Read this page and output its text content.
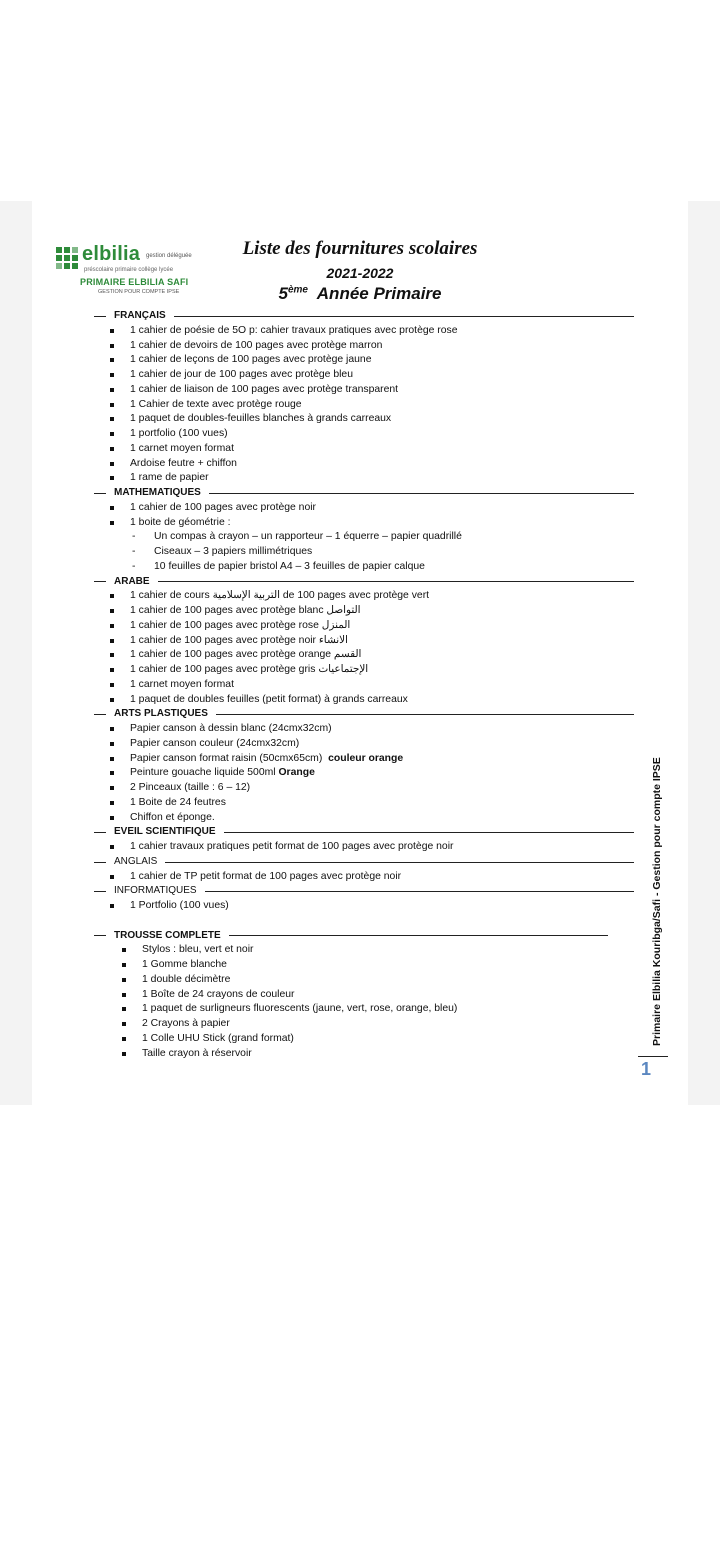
elbilia gestion déléguée
préscolaire primaire collège lycée
PRIMAIRE ELBILIA SAFI
GESTION POUR COMPTE IPSE
Liste des fournitures scolaires
2021-2022
5ème Année Primaire
FRANÇAIS
1 cahier de poésie de 5O p: cahier travaux pratiques avec protège rose
1 cahier de devoirs de 100 pages avec protège marron
1 cahier de leçons de 100 pages avec protège jaune
1 cahier de jour de 100 pages avec protège bleu
1 cahier de liaison de 100 pages avec protège transparent
1 Cahier de texte avec protège rouge
1 paquet de doubles-feuilles blanches à grands carreaux
1 portfolio (100 vues)
1 carnet moyen format
Ardoise feutre + chiffon
1 rame de papier
MATHEMATIQUES
1 cahier de 100 pages avec protège noir
1 boite de géométrie :
- Un compas à crayon – un rapporteur – 1 équerre – papier quadrillé
- Ciseaux – 3 papiers millimétriques
- 10 feuilles de papier bristol A4 – 3 feuilles de papier calque
ARABE
1 cahier de cours التربية الإسلامية de 100 pages avec protège vert
1 cahier de 100 pages avec protège blanc التواصل
1 cahier de 100 pages avec protège rose المنزل
1 cahier de 100 pages avec protège noir الانشاء
1 cahier de 100 pages avec protège orange القسم
1 cahier de 100 pages avec protège gris الإجتماعيات
1 carnet moyen format
1 paquet de doubles feuilles (petit format) à grands carreaux
ARTS PLASTIQUES
Papier canson à dessin blanc (24cmx32cm)
Papier canson couleur (24cmx32cm)
Papier canson format raisin (50cmx65cm) couleur orange
Peinture gouache liquide 500ml Orange
2 Pinceaux (taille : 6 – 12)
1 Boite de 24 feutres
Chiffon et éponge.
EVEIL SCIENTIFIQUE
1 cahier travaux pratiques petit format de 100 pages avec protège noir
ANGLAIS
1 cahier de TP petit format de 100 pages avec protège noir
INFORMATIQUES
1 Portfolio (100 vues)
TROUSSE COMPLETE
Stylos : bleu, vert et noir
1 Gomme blanche
1 double décimètre
1 Boîte de 24 crayons de couleur
1 paquet de surligneurs fluorescents (jaune, vert, rose, orange, bleu)
2 Crayons à papier
1 Colle UHU Stick (grand format)
Taille crayon à réservoir
Primaire Elbilia Kouribga/Safi - Gestion pour compte IPSE
1
